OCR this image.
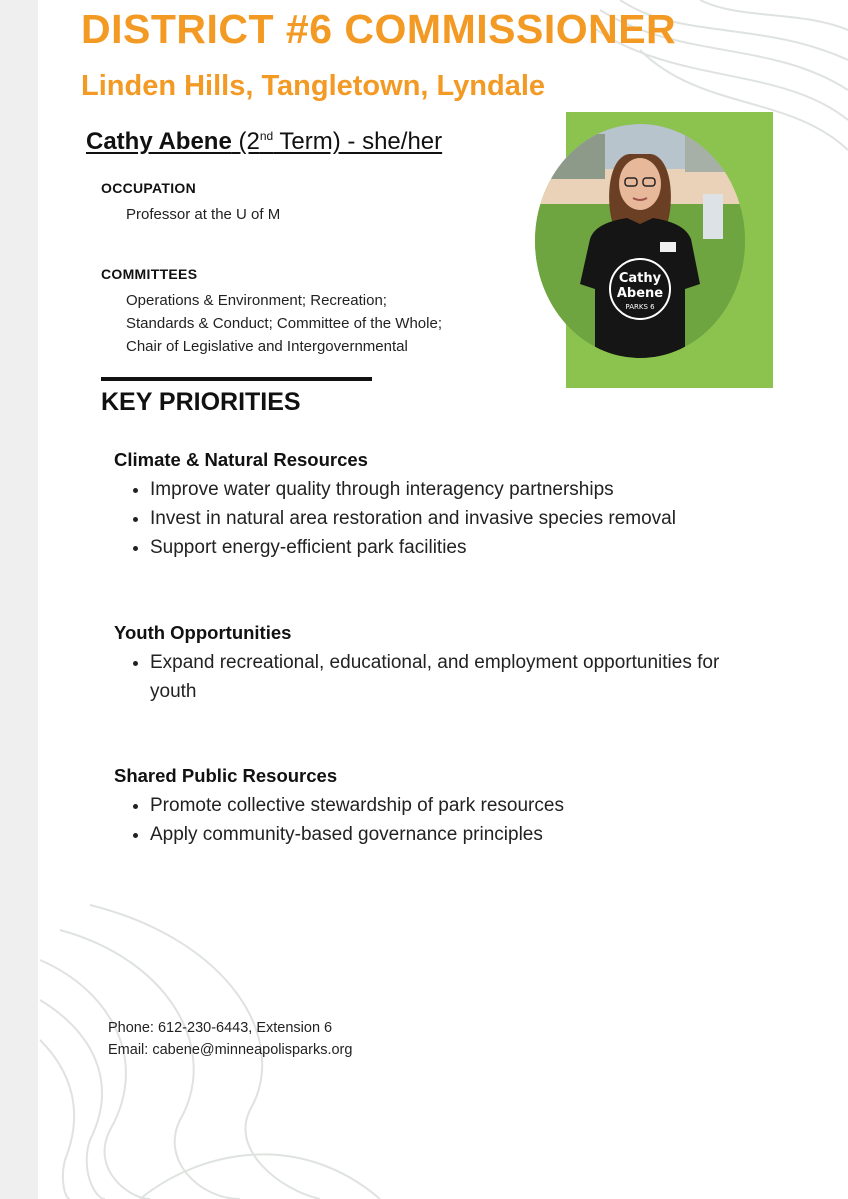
DISTRICT #6 COMMISSIONER
Linden Hills, Tangletown, Lyndale
Cathy Abene (2nd Term) - she/her
OCCUPATION
Professor at the U of M
COMMITTEES
Operations & Environment; Recreation;
Standards & Conduct; Committee of the Whole;
Chair of Legislative and Intergovernmental
KEY PRIORITIES
Cathy
Abene
PARKS 6
Climate & Natural Resources
• Improve water quality through interagency partnerships
• Invest in natural area restoration and invasive species removal
• Support energy-efficient park facilities
Youth Opportunities
• Expand recreational, educational, and employment opportunities for youth
Shared Public Resources
• Promote collective stewardship of park resources
• Apply community-based governance principles
Phone: 612-230-6443, Extension 6
Email: cabene@minneapolisparks.org
